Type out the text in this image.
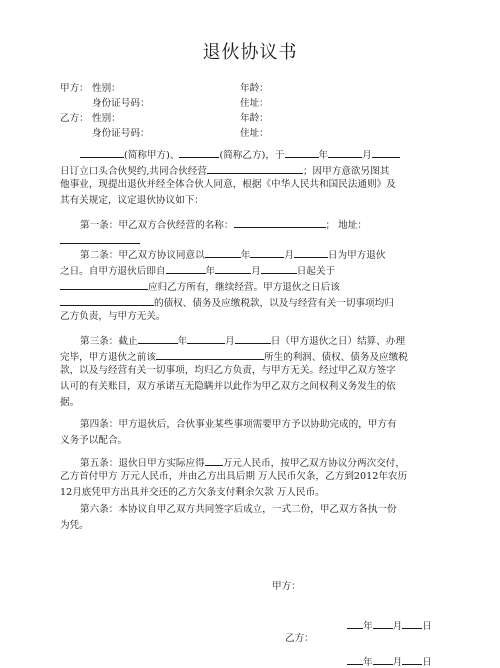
退伙协议书
甲方： 性别：	年龄：
身份证号码：	住址：
乙方： 性别：	年龄：
身份证号码：	住址：
(简称甲方)、	(简称乙方)，于	年	月
日订立口头合伙契约,共同合伙经营	；因甲方意欲另图其
他事业，现提出退伙并经全体合伙人同意，根据《中华人民共和国民法通则》及
其有关规定，议定退伙协议如下：
第一条：甲乙双方合伙经营的名称：	； 地址：
第二条：甲乙双方协议同意以	年	月	日为甲方退伙
之日。自甲方退伙后即自	年	月	日起关于
应归乙方所有，继续经营。甲方退伙之日后该
的债权、债务及应缴税款，以及与经营有关一切事项均归
乙方负责，与甲方无关。
第三条：截止	年	月	日（甲方退伙之日）结算、办理
完毕，甲方退伙之前该	所生的利润、债权、债务及应缴税
款，以及与经营有关一切事项，均归乙方负责，与甲方无关。经过甲乙双方签字
认可的有关账目，双方承诺互无隐瞒并以此作为甲乙双方之间权利义务发生的依
据。
第四条：甲方退伙后，合伙事业某些事项需要甲方予以协助完成的，甲方有
义务予以配合。
第五条：退伙日甲方实际应得 万元人民币，按甲乙双方协议分两次交付，
乙方首付甲方 万元人民币，并由乙方出具后期 万人民币欠条，乙方到2012年农历
12月底凭甲方出具并交还的乙方欠条支付剩余欠款 万人民币。
第六条：本协议自甲乙双方共同签字后成立，一式二份，甲乙双方各执一份
为凭。
甲方：
年 月 日
乙方：
年 月 日
